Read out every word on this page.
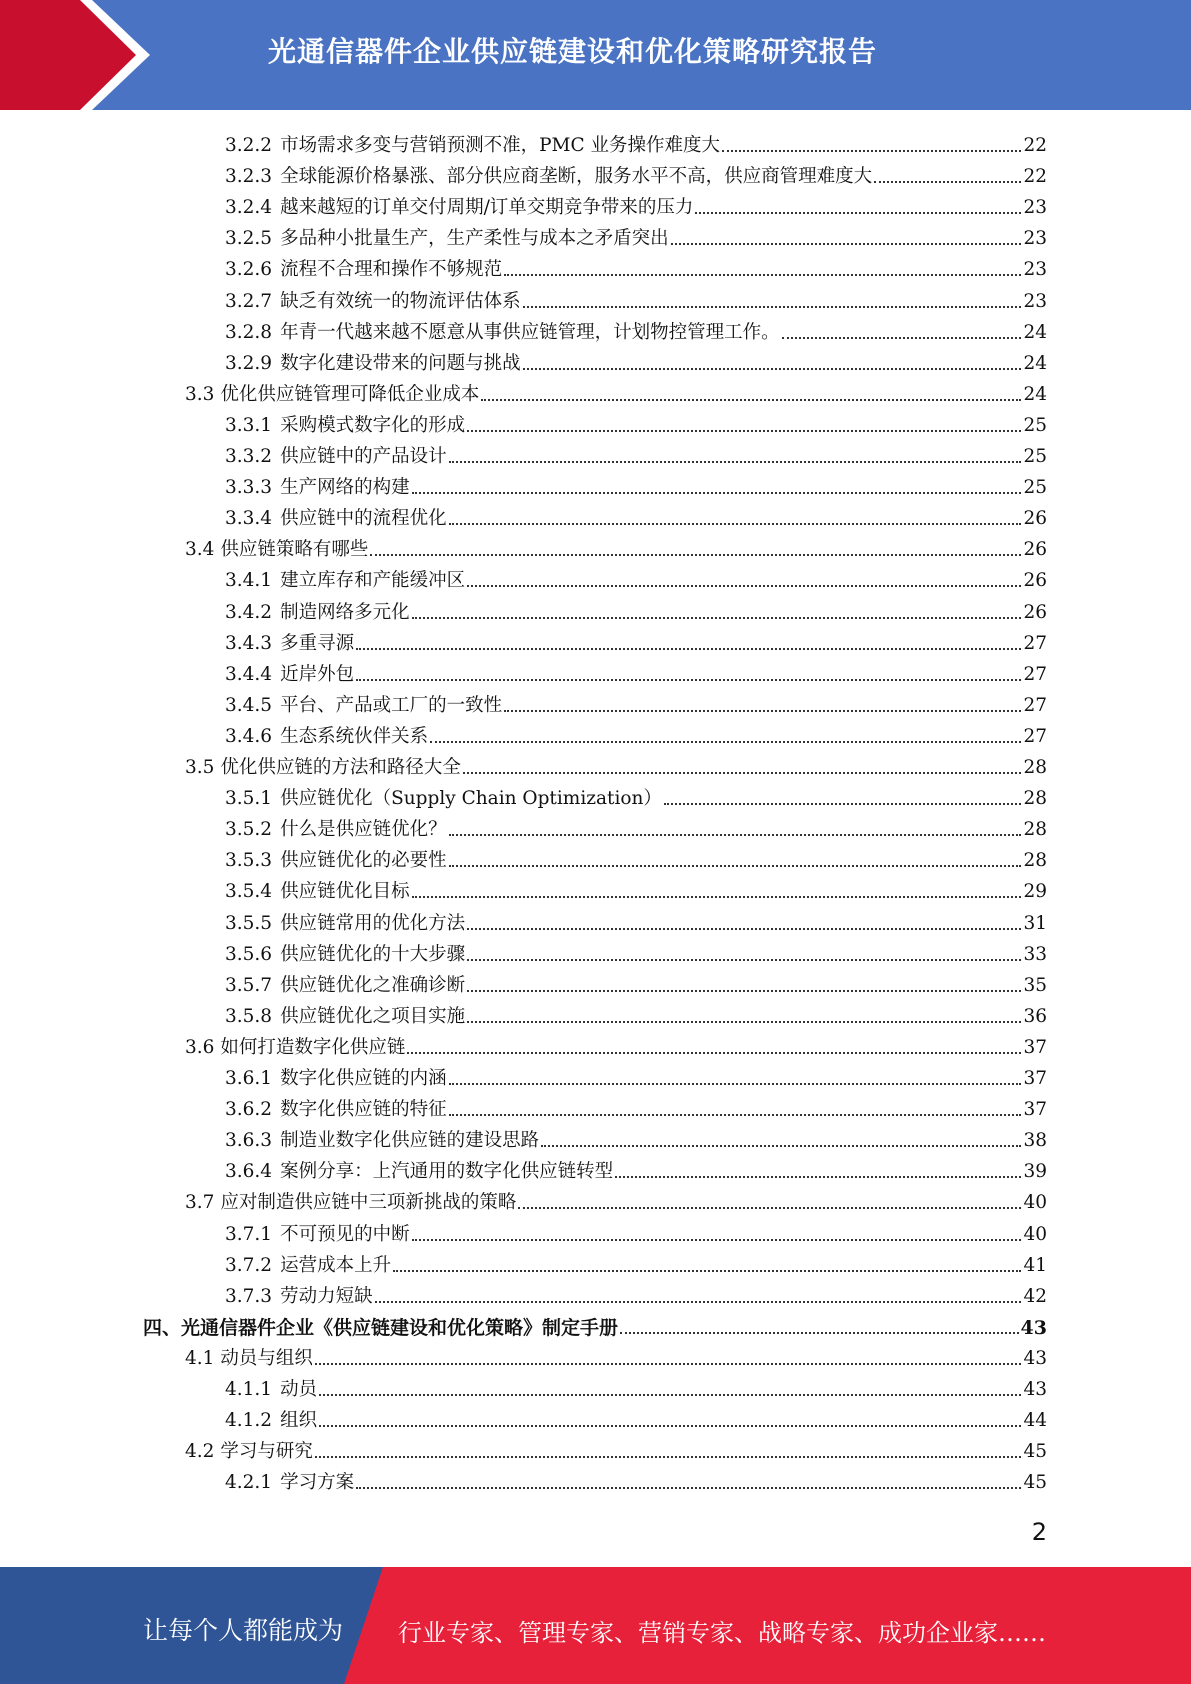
光通信器件企业供应链建设和优化策略研究报告
3.2.2 市场需求多变与营销预测不准，PMC 业务操作难度大	22
3.2.3 全球能源价格暴涨、部分供应商垄断，服务水平不高，供应商管理难度大	22
3.2.4 越来越短的订单交付周期/订单交期竞争带来的压力	23
3.2.5 多品种小批量生产，生产柔性与成本之矛盾突出	23
3.2.6 流程不合理和操作不够规范	23
3.2.7 缺乏有效统一的物流评估体系	23
3.2.8 年青一代越来越不愿意从事供应链管理，计划物控管理工作。	24
3.2.9 数字化建设带来的问题与挑战	24
3.3 优化供应链管理可降低企业成本	24
3.3.1 采购模式数字化的形成	25
3.3.2 供应链中的产品设计	25
3.3.3 生产网络的构建	25
3.3.4 供应链中的流程优化	26
3.4 供应链策略有哪些	26
3.4.1 建立库存和产能缓冲区	26
3.4.2 制造网络多元化	26
3.4.3 多重寻源	27
3.4.4 近岸外包	27
3.4.5 平台、产品或工厂的一致性	27
3.4.6 生态系统伙伴关系	27
3.5 优化供应链的方法和路径大全	28
3.5.1 供应链优化（Supply Chain Optimization）	28
3.5.2 什么是供应链优化？	28
3.5.3 供应链优化的必要性	28
3.5.4 供应链优化目标	29
3.5.5 供应链常用的优化方法	31
3.5.6 供应链优化的十大步骤	33
3.5.7 供应链优化之准确诊断	35
3.5.8 供应链优化之项目实施	36
3.6 如何打造数字化供应链	37
3.6.1 数字化供应链的内涵	37
3.6.2 数字化供应链的特征	37
3.6.3 制造业数字化供应链的建设思路	38
3.6.4 案例分享：上汽通用的数字化供应链转型	39
3.7 应对制造供应链中三项新挑战的策略	40
3.7.1 不可预见的中断	40
3.7.2 运营成本上升	41
3.7.3 劳动力短缺	42
四、 光通信器件企业《供应链建设和优化策略》制定手册	43
4.1 动员与组织	43
4.1.1 动员	43
4.1.2 组织	44
4.2 学习与研究	45
4.2.1 学习方案	45
2
让每个人都能成为 行业专家、管理专家、营销专家、战略专家、成功企业家……
